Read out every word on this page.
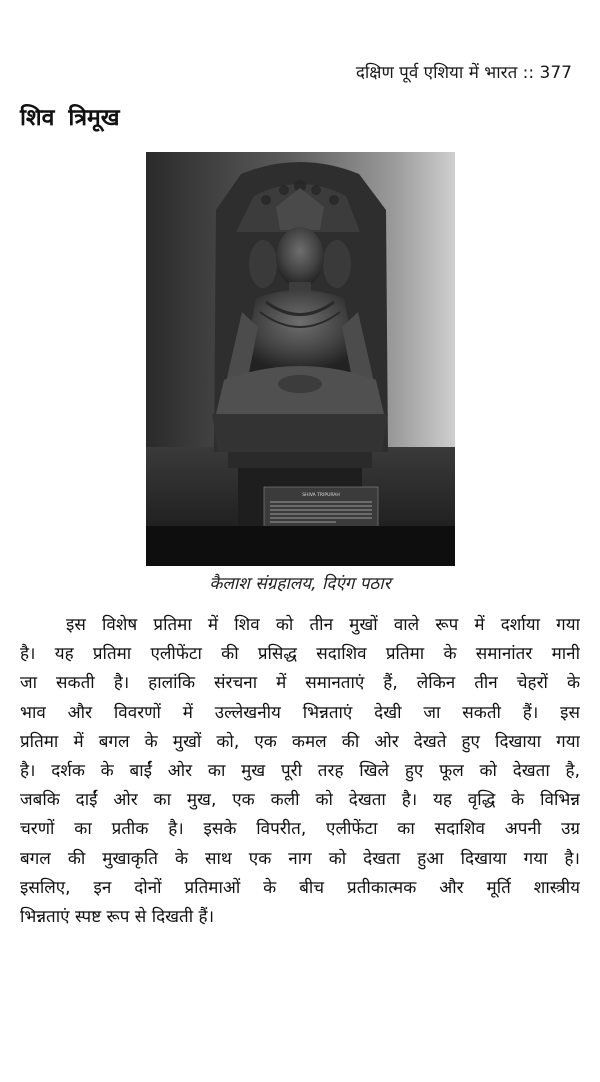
दक्षिण पूर्व एशिया में भारत :: 377
शिव त्रिमूख
SHIVA TRIPURAH
कैलाश संग्रहालय, दिएंग पठार
इस विशेष प्रतिमा में शिव को तीन मुखों वाले रूप में दर्शाया गया
है। यह प्रतिमा एलीफेंटा की प्रसिद्ध सदाशिव प्रतिमा के समानांतर मानी
जा सकती है। हालांकि संरचना में समानताएं हैं, लेकिन तीन चेहरों के
भाव और विवरणों में उल्लेखनीय भिन्नताएं देखी जा सकती हैं। इस
प्रतिमा में बगल के मुखों को, एक कमल की ओर देखते हुए दिखाया गया
है। दर्शक के बाईं ओर का मुख पूरी तरह खिले हुए फूल को देखता है,
जबकि दाईं ओर का मुख, एक कली को देखता है। यह वृद्धि के विभिन्न
चरणों का प्रतीक है। इसके विपरीत, एलीफेंटा का सदाशिव अपनी उग्र
बगल की मुखाकृति के साथ एक नाग को देखता हुआ दिखाया गया है।
इसलिए, इन दोनों प्रतिमाओं के बीच प्रतीकात्मक और मूर्ति शास्त्रीय
भिन्नताएं स्पष्ट रूप से दिखती हैं।
